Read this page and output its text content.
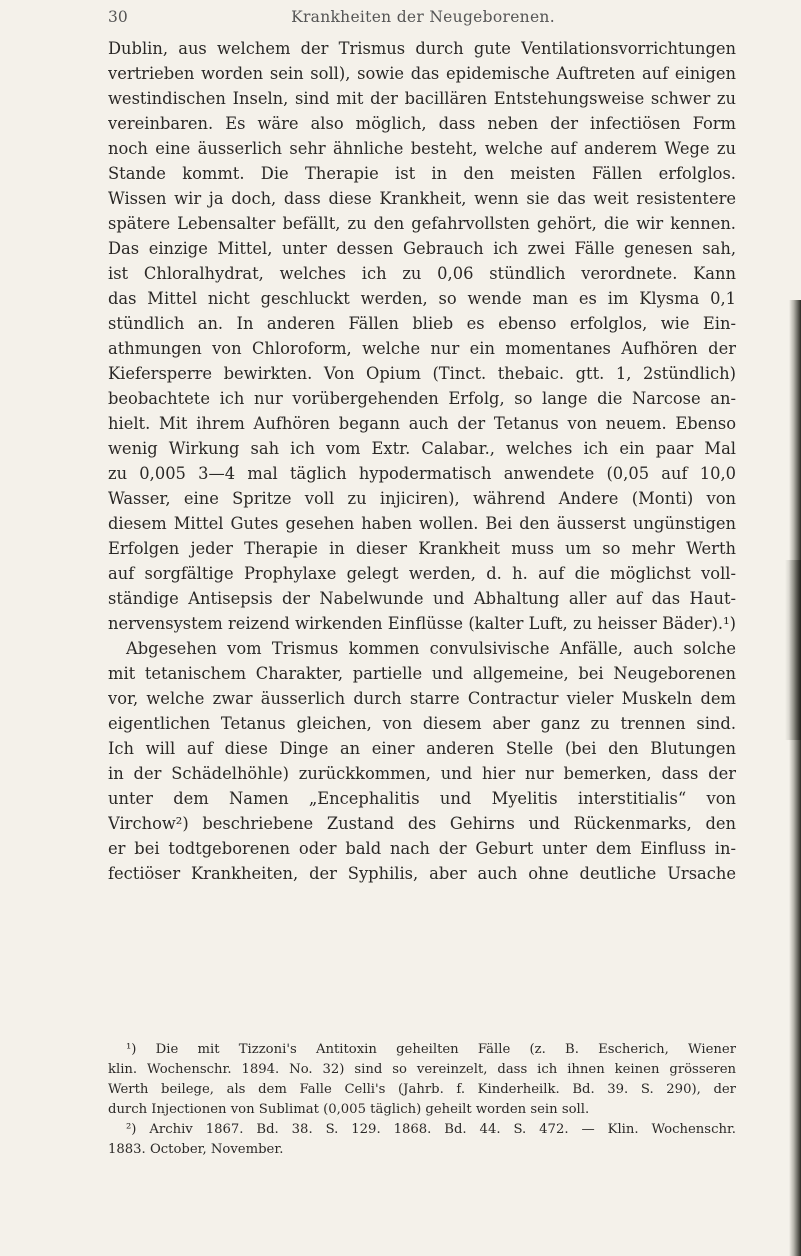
30	Krankheiten der Neugeborenen.
Dublin, aus welchem der Trismus durch gute Ventilationsvorrichtungen
vertrieben worden sein soll), sowie das epidemische Auftreten auf einigen
westindischen Inseln, sind mit der bacillären Entstehungsweise schwer zu
vereinbaren. Es wäre also möglich, dass neben der infectiösen Form
noch eine äusserlich sehr ähnliche besteht, welche auf anderem Wege zu
Stande kommt. Die Therapie ist in den meisten Fällen erfolglos.
Wissen wir ja doch, dass diese Krankheit, wenn sie das weit resistentere
spätere Lebensalter befällt, zu den gefahrvollsten gehört, die wir kennen.
Das einzige Mittel, unter dessen Gebrauch ich zwei Fälle genesen sah,
ist Chloralhydrat, welches ich zu 0,06 stündlich verordnete. Kann
das Mittel nicht geschluckt werden, so wende man es im Klysma 0,1
stündlich an. In anderen Fällen blieb es ebenso erfolglos, wie Ein-
athmungen von Chloroform, welche nur ein momentanes Aufhören der
Kiefersperre bewirkten. Von Opium (Tinct. thebaic. gtt. 1, 2stündlich)
beobachtete ich nur vorübergehenden Erfolg, so lange die Narcose an-
hielt. Mit ihrem Aufhören begann auch der Tetanus von neuem. Ebenso
wenig Wirkung sah ich vom Extr. Calabar., welches ich ein paar Mal
zu 0,005 3—4 mal täglich hypodermatisch anwendete (0,05 auf 10,0
Wasser, eine Spritze voll zu injiciren), während Andere (Monti) von
diesem Mittel Gutes gesehen haben wollen. Bei den äusserst ungünstigen
Erfolgen jeder Therapie in dieser Krankheit muss um so mehr Werth
auf sorgfältige Prophylaxe gelegt werden, d. h. auf die möglichst voll-
ständige Antisepsis der Nabelwunde und Abhaltung aller auf das Haut-
nervensystem reizend wirkenden Einflüsse (kalter Luft, zu heisser Bäder).¹)
Abgesehen vom Trismus kommen convulsivische Anfälle, auch solche
mit tetanischem Charakter, partielle und allgemeine, bei Neugeborenen
vor, welche zwar äusserlich durch starre Contractur vieler Muskeln dem
eigentlichen Tetanus gleichen, von diesem aber ganz zu trennen sind.
Ich will auf diese Dinge an einer anderen Stelle (bei den Blutungen
in der Schädelhöhle) zurückkommen, und hier nur bemerken, dass der
unter dem Namen „Encephalitis und Myelitis interstitialis“ von
Virchow²) beschriebene Zustand des Gehirns und Rückenmarks, den
er bei todtgeborenen oder bald nach der Geburt unter dem Einfluss in-
fectiöser Krankheiten, der Syphilis, aber auch ohne deutliche Ursache
¹) Die mit Tizzoni's Antitoxin geheilten Fälle (z. B. Escherich, Wiener
klin. Wochenschr. 1894. No. 32) sind so vereinzelt, dass ich ihnen keinen grösseren
Werth beilege, als dem Falle Celli's (Jahrb. f. Kinderheilk. Bd. 39. S. 290), der
durch Injectionen von Sublimat (0,005 täglich) geheilt worden sein soll.
²) Archiv 1867. Bd. 38. S. 129. 1868. Bd. 44. S. 472. — Klin. Wochenschr.
1883. October, November.
